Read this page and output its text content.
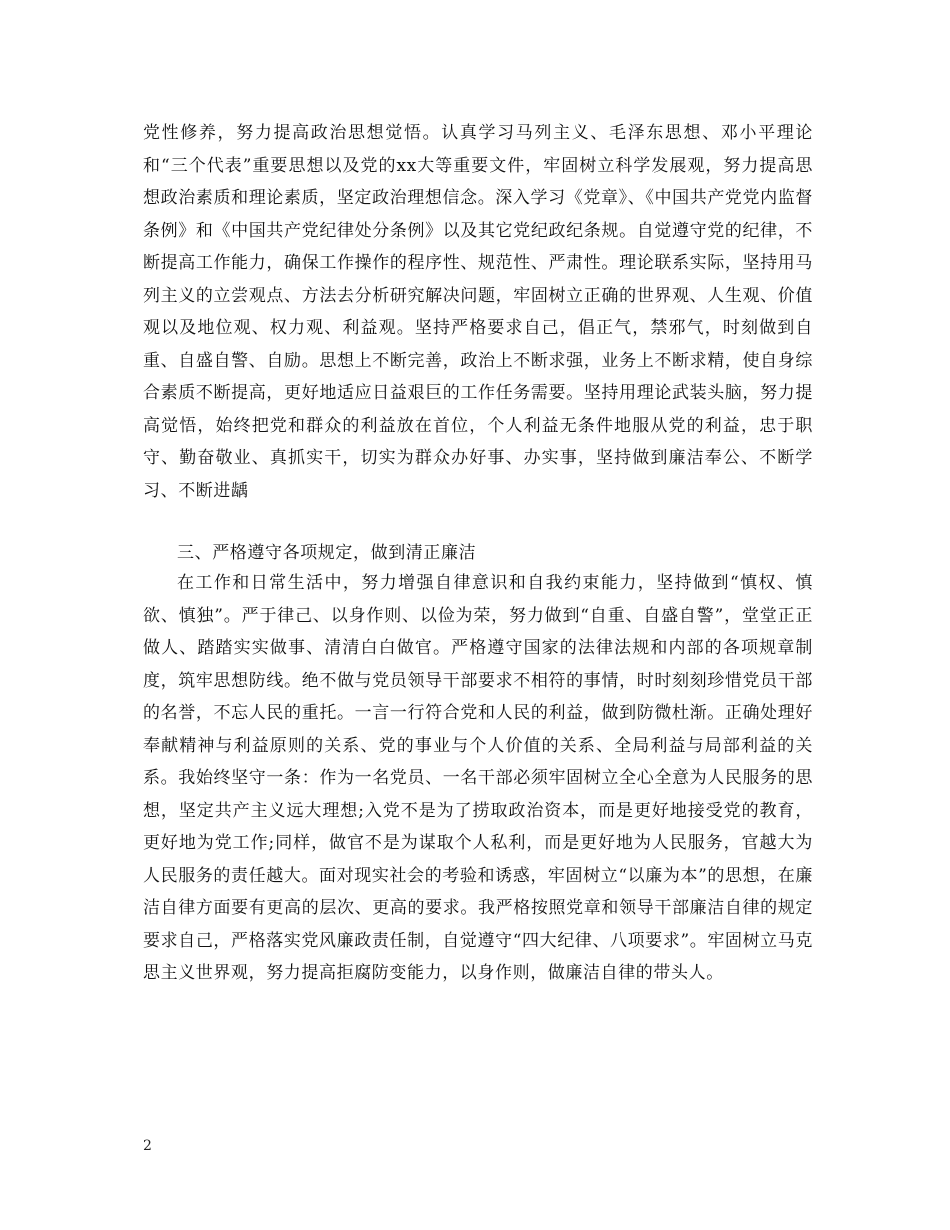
党性修养，努力提高政治思想觉悟。认真学习马列主义、毛泽东思想、邓小平理论和“三个代表”重要思想以及党的xx大等重要文件，牢固树立科学发展观，努力提高思想政治素质和理论素质，坚定政治理想信念。深入学习《党章》、《中国共产党党内监督条例》和《中国共产党纪律处分条例》以及其它党纪政纪条规。自觉遵守党的纪律，不断提高工作能力，确保工作操作的程序性、规范性、严肃性。理论联系实际，坚持用马列主义的立尝观点、方法去分析研究解决问题，牢固树立正确的世界观、人生观、价值观以及地位观、权力观、利益观。坚持严格要求自己，倡正气，禁邪气，时刻做到自重、自盛自警、自励。思想上不断完善，政治上不断求强，业务上不断求精，使自身综合素质不断提高，更好地适应日益艰巨的工作任务需要。坚持用理论武装头脑，努力提高觉悟，始终把党和群众的利益放在首位，个人利益无条件地服从党的利益，忠于职守、勤奋敬业、真抓实干，切实为群众办好事、办实事，坚持做到廉洁奉公、不断学习、不断进龋

三、严格遵守各项规定，做到清正廉洁

在工作和日常生活中，努力增强自律意识和自我约束能力，坚持做到“慎权、慎欲、慎独”。严于律己、以身作则、以俭为荣，努力做到“自重、自盛自警”，堂堂正正做人、踏踏实实做事、清清白白做官。严格遵守国家的法律法规和内部的各项规章制度，筑牢思想防线。绝不做与党员领导干部要求不相符的事情，时时刻刻珍惜党员干部的名誉，不忘人民的重托。一言一行符合党和人民的利益，做到防微杜渐。正确处理好奉献精神与利益原则的关系、党的事业与个人价值的关系、全局利益与局部利益的关系。我始终坚守一条：作为一名党员、一名干部必须牢固树立全心全意为人民服务的思想，坚定共产主义远大理想;入党不是为了捞取政治资本，而是更好地接受党的教育，更好地为党工作;同样，做官不是为谋取个人私利，而是更好地为人民服务，官越大为人民服务的责任越大。面对现实社会的考验和诱惑，牢固树立“以廉为本”的思想，在廉洁自律方面要有更高的层次、更高的要求。我严格按照党章和领导干部廉洁自律的规定要求自己，严格落实党风廉政责任制，自觉遵守“四大纪律、八项要求”。牢固树立马克思主义世界观，努力提高拒腐防变能力，以身作则，做廉洁自律的带头人。

2
